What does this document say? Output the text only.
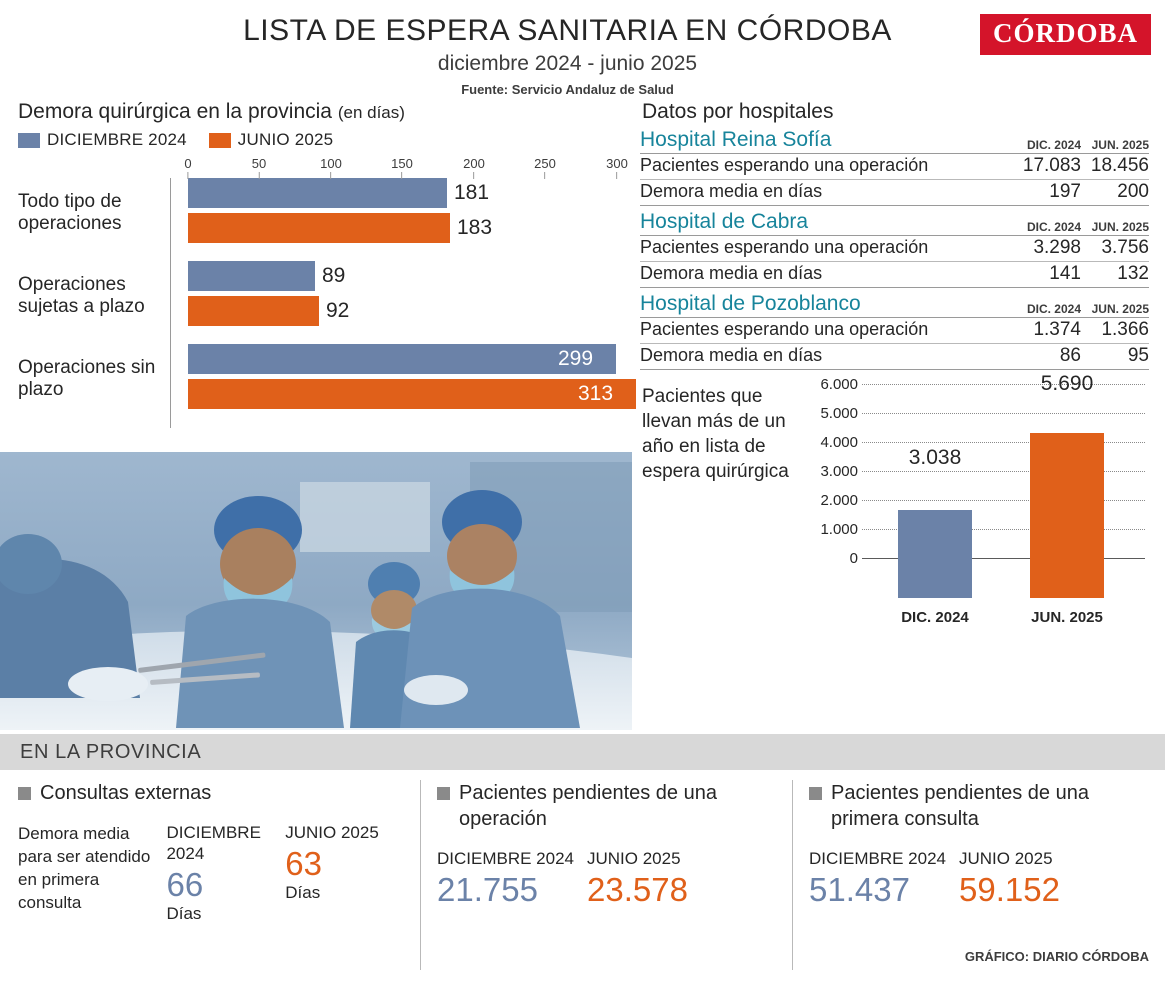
LISTA DE ESPERA SANITARIA EN CÓRDOBA
diciembre 2024 - junio 2025
Fuente: Servicio Andaluz de Salud
CÓRDOBA
Demora quirúrgica en la provincia (en días)
DICIEMBRE 2024	JUNIO 2025
0	50	100	150	200	250	300
Todo tipo de operaciones
181
183
Operaciones sujetas a plazo
89
92
Operaciones sin plazo
299
313
Datos por hospitales
Hospital Reina Sofía	DIC. 2024 JUN. 2025
Pacientes esperando una operación	17.083 18.456
Demora media en días	197	200
Hospital de Cabra	DIC. 2024 JUN. 2025
Pacientes esperando una operación	3.298	3.756
Demora media en días	141	132
Hospital de Pozoblanco	DIC. 2024 JUN. 2025
Pacientes esperando una operación	1.374	1.366
Demora media en días	86	95
Pacientes que llevan más de un año en lista de espera quirúrgica
6.000
5.000
4.000
3.000
2.000
1.000
0
3.038
5.690
DIC. 2024	JUN. 2025
EN LA PROVINCIA
Consultas externas
Demora media para ser atendido en primera consulta
DICIEMBRE 2024
66
Días
JUNIO 2025
63
Días
Pacientes pendientes de una operación
DICIEMBRE 2024
21.755
JUNIO 2025
23.578
Pacientes pendientes de una primera consulta
DICIEMBRE 2024
51.437
JUNIO 2025
59.152
GRÁFICO: DIARIO CÓRDOBA
